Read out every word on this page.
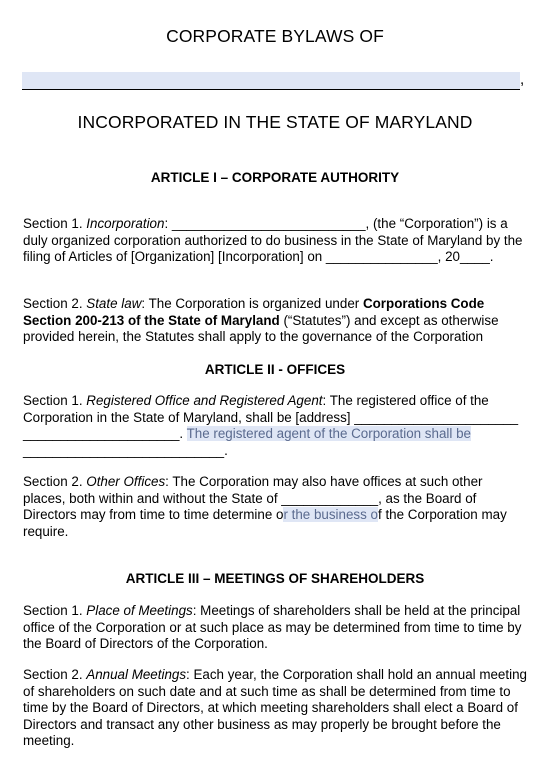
CORPORATE BYLAWS OF
,
INCORPORATED IN THE STATE OF MARYLAND
ARTICLE I – CORPORATE AUTHORITY
Section 1. Incorporation: __________________________, (the “Corporation”) is a duly organized corporation authorized to do business in the State of Maryland by the filing of Articles of [Organization] [Incorporation] on _______________, 20____.
Section 2. State law: The Corporation is organized under Corporations Code Section 200-213 of the State of Maryland (“Statutes”) and except as otherwise provided herein, the Statutes shall apply to the governance of the Corporation
ARTICLE II - OFFICES
Section 1. Registered Office and Registered Agent: The registered office of the Corporation in the State of Maryland, shall be [address] ______________________ _____________________. The registered agent of the Corporation shall be ___________________________.
Section 2. Other Offices: The Corporation may also have offices at such other places, both within and without the State of _____________, as the Board of Directors may from time to time determine or the business of the Corporation may require.
ARTICLE III – MEETINGS OF SHAREHOLDERS
Section 1. Place of Meetings: Meetings of shareholders shall be held at the principal office of the Corporation or at such place as may be determined from time to time by the Board of Directors of the Corporation.
Section 2. Annual Meetings: Each year, the Corporation shall hold an annual meeting of shareholders on such date and at such time as shall be determined from time to time by the Board of Directors, at which meeting shareholders shall elect a Board of Directors and transact any other business as may properly be brought before the meeting.
